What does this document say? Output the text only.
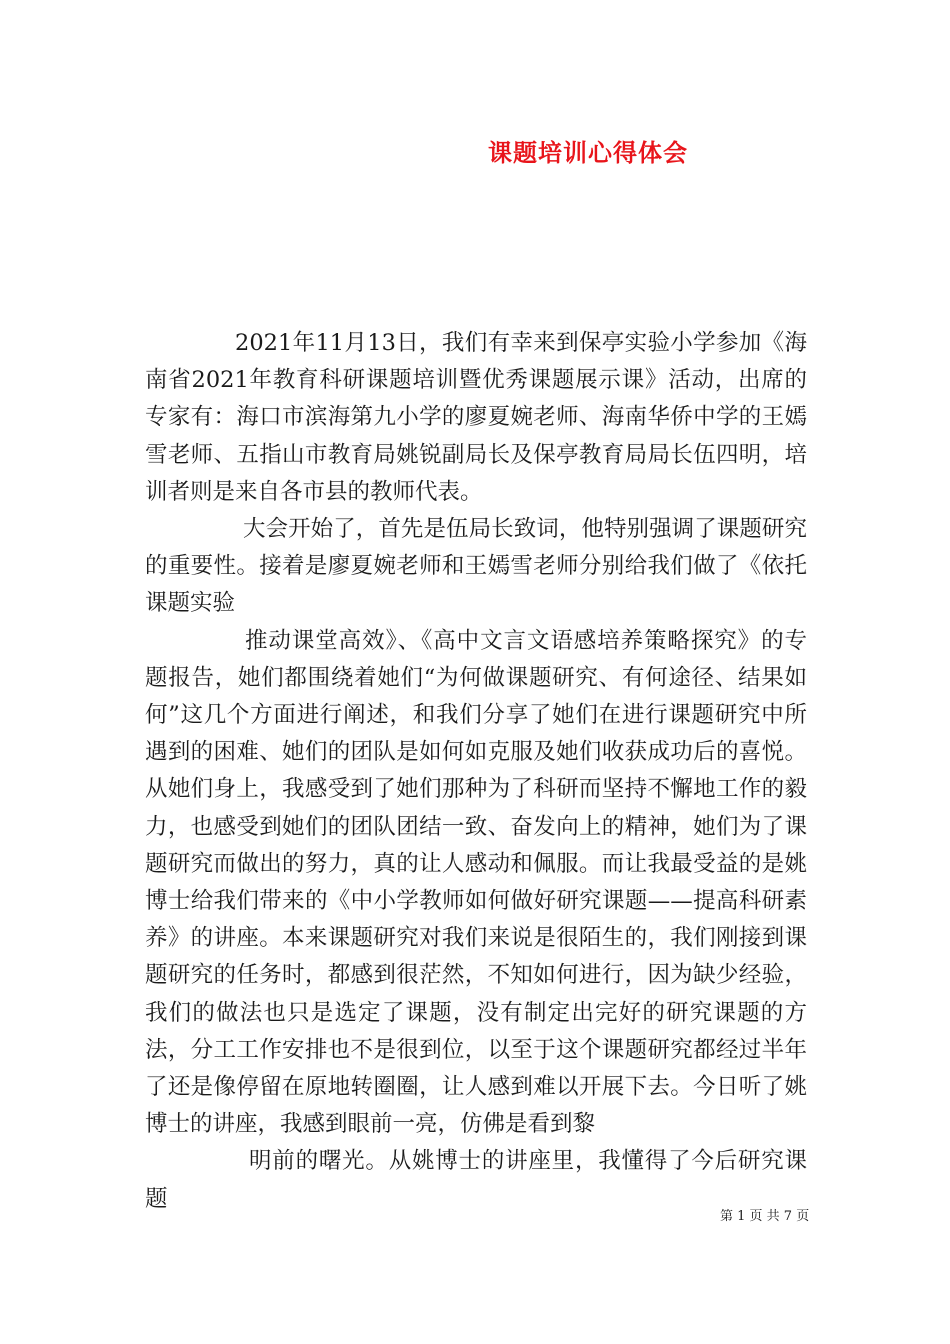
课题培训心得体会

2021年11月13日，我们有幸来到保亭实验小学参加《海南省2021年教育科研课题培训暨优秀课题展示课》活动，出席的专家有：海口市滨海第九小学的廖夏婉老师、海南华侨中学的王嫣雪老师、五指山市教育局姚锐副局长及保亭教育局局长伍四明，培训者则是来自各市县的教师代表。

大会开始了，首先是伍局长致词，他特别强调了课题研究的重要性。接着是廖夏婉老师和王嫣雪老师分别给我们做了《依托课题实验

推动课堂高效》、《高中文言文语感培养策略探究》的专题报告，她们都围绕着她们“为何做课题研究、有何途径、结果如何”这几个方面进行阐述，和我们分享了她们在进行课题研究中所遇到的困难、她们的团队是如何如克服及她们收获成功后的喜悦。从她们身上，我感受到了她们那种为了科研而坚持不懈地工作的毅力，也感受到她们的团队团结一致、奋发向上的精神，她们为了课题研究而做出的努力，真的让人感动和佩服。而让我最受益的是姚博士给我们带来的《中小学教师如何做好研究课题——提高科研素养》的讲座。本来课题研究对我们来说是很陌生的，我们刚接到课题研究的任务时，都感到很茫然，不知如何进行，因为缺少经验，我们的做法也只是选定了课题，没有制定出完好的研究课题的方法，分工工作安排也不是很到位，以至于这个课题研究都经过半年了还是像停留在原地转圈圈，让人感到难以开展下去。今日听了姚博士的讲座，我感到眼前一亮，仿佛是看到黎

明前的曙光。从姚博士的讲座里，我懂得了今后研究课题

第 1 页 共 7 页
